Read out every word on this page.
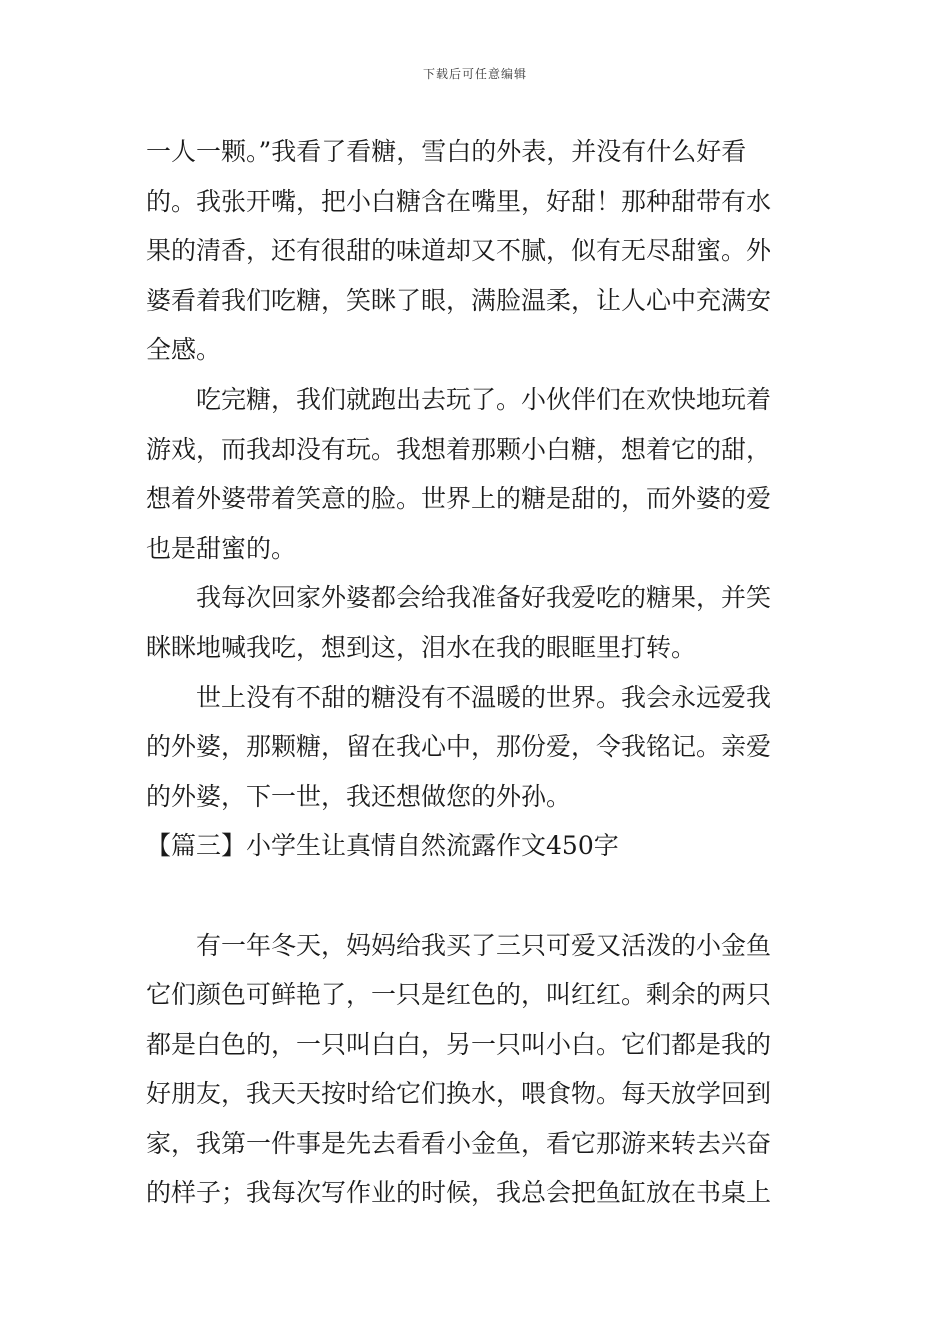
下载后可任意编辑
一人一颗。”我看了看糖，雪白的外表，并没有什么好看
的。我张开嘴，把小白糖含在嘴里，好甜！那种甜带有水
果的清香，还有很甜的味道却又不腻，似有无尽甜蜜。外
婆看着我们吃糖，笑眯了眼，满脸温柔，让人心中充满安
全感。
　　吃完糖，我们就跑出去玩了。小伙伴们在欢快地玩着
游戏，而我却没有玩。我想着那颗小白糖，想着它的甜，
想着外婆带着笑意的脸。世界上的糖是甜的，而外婆的爱
也是甜蜜的。
　　我每次回家外婆都会给我准备好我爱吃的糖果，并笑
眯眯地喊我吃，想到这，泪水在我的眼眶里打转。
　　世上没有不甜的糖没有不温暖的世界。我会永远爱我
的外婆，那颗糖，留在我心中，那份爱，令我铭记。亲爱
的外婆，下一世，我还想做您的外孙。
【篇三】小学生让真情自然流露作文450字
　　有一年冬天，妈妈给我买了三只可爱又活泼的小金鱼
它们颜色可鲜艳了，一只是红色的，叫红红。剩余的两只
都是白色的，一只叫白白，另一只叫小白。它们都是我的
好朋友，我天天按时给它们换水，喂食物。每天放学回到
家，我第一件事是先去看看小金鱼，看它那游来转去兴奋
的样子；我每次写作业的时候，我总会把鱼缸放在书桌上
